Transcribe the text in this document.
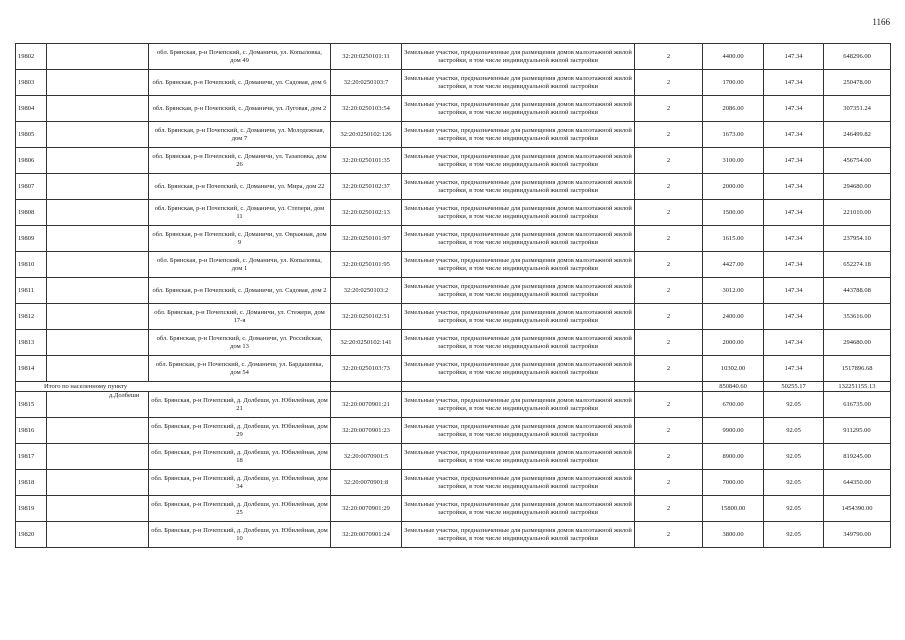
1166
19802		обл. Брянская, р-н Почепский, с. Доманичи, ул. Копыловка, дом 49	32:20:0250101:11	Земельные участки, предназначенные для размещения домов малоэтажной жилой застройки, в том числе индивидуальной жилой застройки	2	4400.00	147.34	648296.00
19803		обл. Брянская, р-н Почепский, с. Доманичи, ул. Садовая, дом 6	32:20:0250103:7	Земельные участки, предназначенные для размещения домов малоэтажной жилой застройки, в том числе индивидуальной жилой застройки	2	1700.00	147.34	250478.00
19804		обл. Брянская, р-н Почепский, с. Доманичи, ул. Луговая, дом 2	32:20:0250103:54	Земельные участки, предназначенные для размещения домов малоэтажной жилой застройки, в том числе индивидуальной жилой застройки	2	2086.00	147.34	307351.24
19805		обл. Брянская, р-н Почепский, с. Доманичи, ул. Молодежная, дом 7	32:20:0250102:126	Земельные участки, предназначенные для размещения домов малоэтажной жилой застройки, в том числе индивидуальной жилой застройки	2	1673.00	147.34	246499.82
19806		обл. Брянская, р-н Почепский, с. Доманичи, ул. Тазаповка, дом 26	32:20:0250101:35	Земельные участки, предназначенные для размещения домов малоэтажной жилой застройки, в том числе индивидуальной жилой застройки	2	3100.00	147.34	456754.00
19807		обл. Брянская, р-н Почепский, с. Доманичи, ул. Мира, дом 22	32:20:0250102:37	Земельные участки, предназначенные для размещения домов малоэтажной жилой застройки, в том числе индивидуальной жилой застройки	2	2000.00	147.34	294680.00
19808		обл. Брянская, р-н Почепский, с. Доманичи, ул. Степери, дом 11	32:20:0250102:13	Земельные участки, предназначенные для размещения домов малоэтажной жилой застройки, в том числе индивидуальной жилой застройки	2	1500.00	147.34	221010.00
19809		обл. Брянская, р-н Почепский, с. Доманичи, ул. Овражная, дом 9	32:20:0250101:97	Земельные участки, предназначенные для размещения домов малоэтажной жилой застройки, в том числе индивидуальной жилой застройки	2	1615.00	147.34	237954.10
19810		обл. Брянская, р-н Почепский, с. Доманичи, ул. Копыловка, дом 1	32:20:0250101:95	Земельные участки, предназначенные для размещения домов малоэтажной жилой застройки, в том числе индивидуальной жилой застройки	2	4427.00	147.34	652274.18
19811		обл. Брянская, р-н Почепский, с. Доманичи, ул. Садовая, дом 2	32:20:0250103:2	Земельные участки, предназначенные для размещения домов малоэтажной жилой застройки, в том числе индивидуальной жилой застройки	2	3012.00	147.34	443788.08
19812		обл. Брянская, р-н Почепский, с. Доманичи, ул. Стежери, дом 17-я	32:20:0250102:51	Земельные участки, предназначенные для размещения домов малоэтажной жилой застройки, в том числе индивидуальной жилой застройки	2	2400.00	147.34	353616.00
19813		обл. Брянская, р-н Почепский, с. Доманичи, ул. Российская, дом 13	32:20:0250102:141	Земельные участки, предназначенные для размещения домов малоэтажной жилой застройки, в том числе индивидуальной жилой застройки	2	2000.00	147.34	294680.00
19814		обл. Брянская, р-н Почепский, с. Доманичи, ул. Бардашевка, дом 54	32:20:0250103:73	Земельные участки, предназначенные для размещения домов малоэтажной жилой застройки, в том числе индивидуальной жилой застройки	2	10302.00	147.34	1517896.68
Итого по населенному пункту						850840.60	50255.17	132251155.13
19815	д.Долбеши	обл. Брянская, р-н Почепский, д. Долбеши, ул. Юбилейная, дом 21	32:20:0070901:21	Земельные участки, предназначенные для размещения домов малоэтажной жилой застройки, в том числе индивидуальной жилой застройки	2	6700.00	92.05	616735.00
19816		обл. Брянская, р-н Почепский, д. Долбеши, ул. Юбилейная, дом 29	32:20:0070901:23	Земельные участки, предназначенные для размещения домов малоэтажной жилой застройки, в том числе индивидуальной жилой застройки	2	9900.00	92.05	911295.00
19817		обл. Брянская, р-н Почепский, д. Долбеши, ул. Юбилейная, дом 18	32:20:0070901:5	Земельные участки, предназначенные для размещения домов малоэтажной жилой застройки, в том числе индивидуальной жилой застройки	2	8900.00	92.05	819245.00
19818		обл. Брянская, р-н Почепский, д. Долбеши, ул. Юбилейная, дом 34	32:20:0070901:8	Земельные участки, предназначенные для размещения домов малоэтажной жилой застройки, в том числе индивидуальной жилой застройки	2	7000.00	92.05	644350.00
19819		обл. Брянская, р-н Почепский, д. Долбеши, ул. Юбилейная, дом 25	32:20:0070901:29	Земельные участки, предназначенные для размещения домов малоэтажной жилой застройки, в том числе индивидуальной жилой застройки	2	15800.00	92.05	1454390.00
19820		обл. Брянская, р-н Почепский, д. Долбеши, ул. Юбилейная, дом 10	32:20:0070901:24	Земельные участки, предназначенные для размещения домов малоэтажной жилой застройки, в том числе индивидуальной жилой застройки	2	3800.00	92.05	349790.00
